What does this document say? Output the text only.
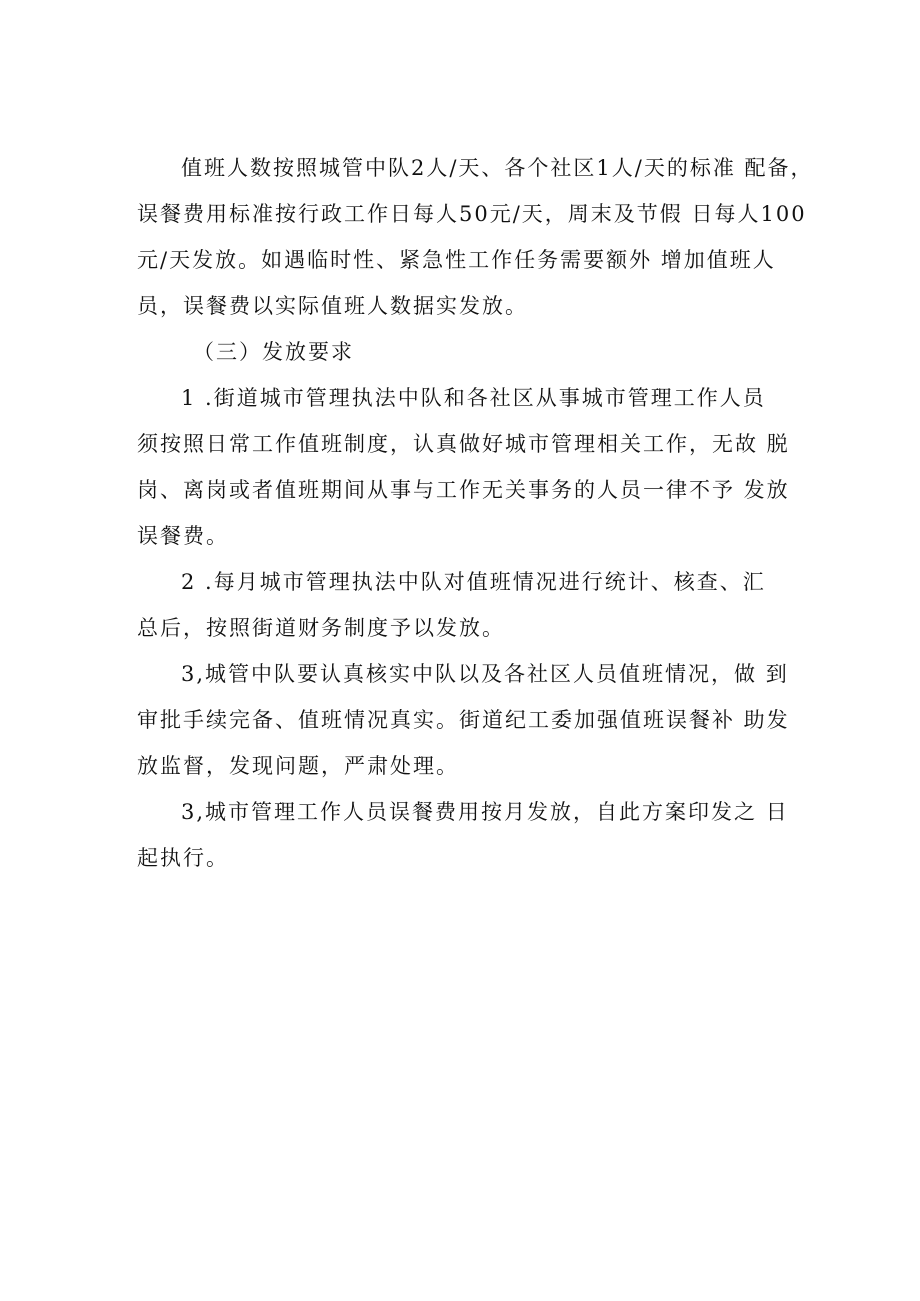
值班人数按照城管中队2人/天、各个社区1人/天的标准 配备，
误餐费用标准按行政工作日每人50元/天，周末及节假 日每人100
元/天发放。如遇临时性、紧急性工作任务需要额外 增加值班人
员，误餐费以实际值班人数据实发放。

（三）发放要求

1 .街道城市管理执法中队和各社区从事城市管理工作人员
须按照日常工作值班制度，认真做好城市管理相关工作，无故 脱
岗、离岗或者值班期间从事与工作无关事务的人员一律不予 发放
误餐费。

2 .每月城市管理执法中队对值班情况进行统计、核查、汇
总后，按照街道财务制度予以发放。

3,城管中队要认真核实中队以及各社区人员值班情况，做 到
审批手续完备、值班情况真实。街道纪工委加强值班误餐补 助发
放监督，发现问题，严肃处理。

3,城市管理工作人员误餐费用按月发放，自此方案印发之 日
起执行。
